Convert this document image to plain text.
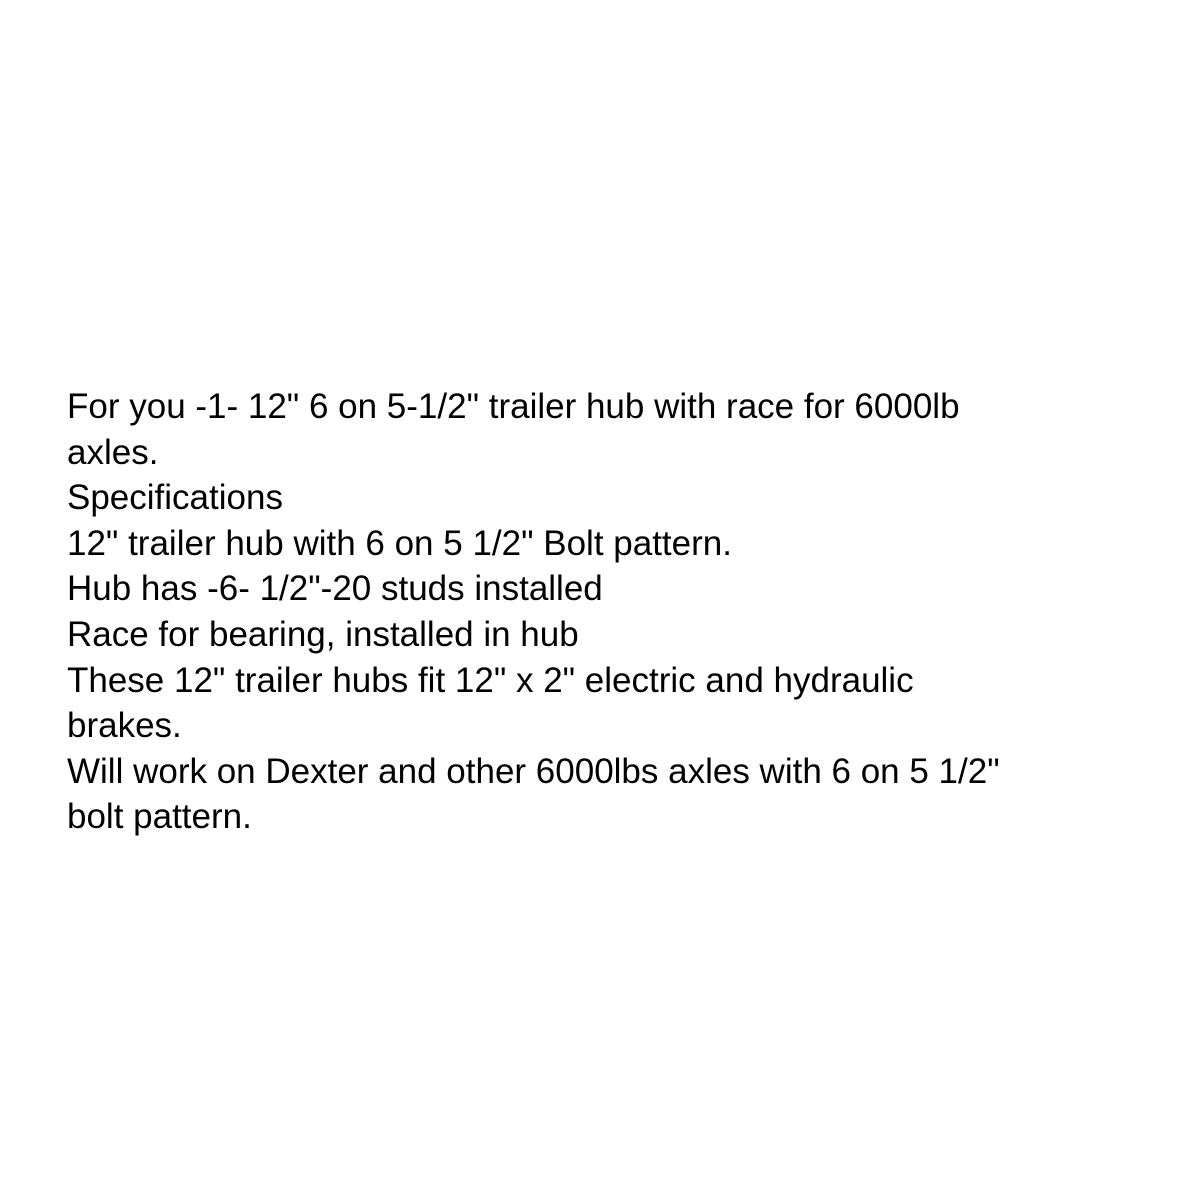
For you -1- 12" 6 on 5-1/2" trailer hub with race for 6000lb
axles.
Specifications
12" trailer hub with 6 on 5 1/2" Bolt pattern.
Hub has -6- 1/2"-20 studs installed
Race for bearing, installed in hub
These 12" trailer hubs fit 12" x 2" electric and hydraulic
brakes.
Will work on Dexter and other 6000lbs axles with 6 on 5 1/2"
bolt pattern.
